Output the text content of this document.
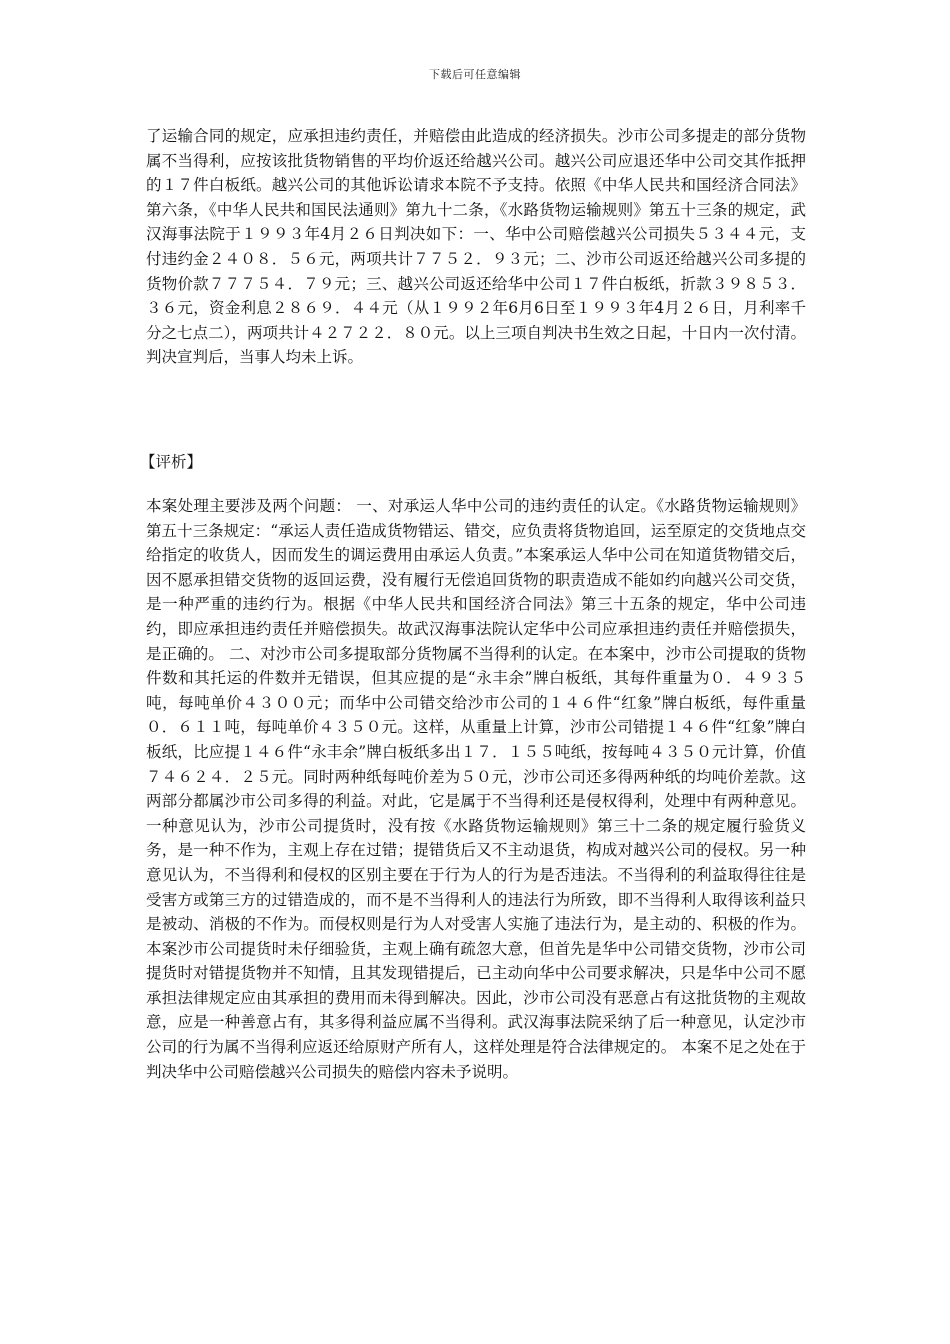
下载后可任意编辑
了运输合同的规定，应承担违约责任，并赔偿由此造成的经济损失。沙市公司多提走的部分货物属不当得利，应按该批货物销售的平均价返还给越兴公司。越兴公司应退还华中公司交其作抵押的１７件白板纸。越兴公司的其他诉讼请求本院不予支持。依照《中华人民共和国经济合同法》第六条，《中华人民共和国民法通则》第九十二条，《水路货物运输规则》第五十三条的规定，武汉海事法院于１９９３年4月２６日判决如下：一、华中公司赔偿越兴公司损失５３４４元，支付违约金２４０８．５６元，两项共计７７５２．９３元；二、沙市公司返还给越兴公司多提的货物价款７７７５４．７９元；三、越兴公司返还给华中公司１７件白板纸，折款３９８５３．３６元，资金利息２８６９．４４元（从１９９２年6月6日至１９９３年4月２６日，月利率千分之七点二），两项共计４２７２２．８０元。以上三项自判决书生效之日起，十日内一次付清。 判决宣判后，当事人均未上诉。
【评析】
本案处理主要涉及两个问题： 一、对承运人华中公司的违约责任的认定。《水路货物运输规则》第五十三条规定：“承运人责任造成货物错运、错交，应负责将货物追回，运至原定的交货地点交给指定的收货人，因而发生的调运费用由承运人负责。”本案承运人华中公司在知道货物错交后，因不愿承担错交货物的返回运费，没有履行无偿追回货物的职责造成不能如约向越兴公司交货，是一种严重的违约行为。根据《中华人民共和国经济合同法》第三十五条的规定，华中公司违约，即应承担违约责任并赔偿损失。故武汉海事法院认定华中公司应承担违约责任并赔偿损失，是正确的。 二、对沙市公司多提取部分货物属不当得利的认定。在本案中，沙市公司提取的货物件数和其托运的件数并无错误，但其应提的是“永丰余”牌白板纸，其每件重量为０．４９３５吨，每吨单价４３００元；而华中公司错交给沙市公司的１４６件“红象”牌白板纸，每件重量０．６１１吨，每吨单价４３５０元。这样，从重量上计算，沙市公司错提１４６件“红象”牌白板纸，比应提１４６件“永丰余”牌白板纸多出１７．１５５吨纸，按每吨４３５０元计算，价值７４６２４．２５元。同时两种纸每吨价差为５０元，沙市公司还多得两种纸的均吨价差款。这两部分都属沙市公司多得的利益。对此，它是属于不当得利还是侵权得利，处理中有两种意见。一种意见认为，沙市公司提货时，没有按《水路货物运输规则》第三十二条的规定履行验货义务，是一种不作为，主观上存在过错；提错货后又不主动退货，构成对越兴公司的侵权。另一种意见认为，不当得利和侵权的区别主要在于行为人的行为是否违法。不当得利的利益取得往往是受害方或第三方的过错造成的，而不是不当得利人的违法行为所致，即不当得利人取得该利益只是被动、消极的不作为。而侵权则是行为人对受害人实施了违法行为，是主动的、积极的作为。本案沙市公司提货时未仔细验货，主观上确有疏忽大意，但首先是华中公司错交货物，沙市公司提货时对错提货物并不知情，且其发现错提后，已主动向华中公司要求解决，只是华中公司不愿承担法律规定应由其承担的费用而未得到解决。因此，沙市公司没有恶意占有这批货物的主观故意，应是一种善意占有，其多得利益应属不当得利。武汉海事法院采纳了后一种意见，认定沙市公司的行为属不当得利应返还给原财产所有人，这样处理是符合法律规定的。 本案不足之处在于判决华中公司赔偿越兴公司损失的赔偿内容未予说明。
